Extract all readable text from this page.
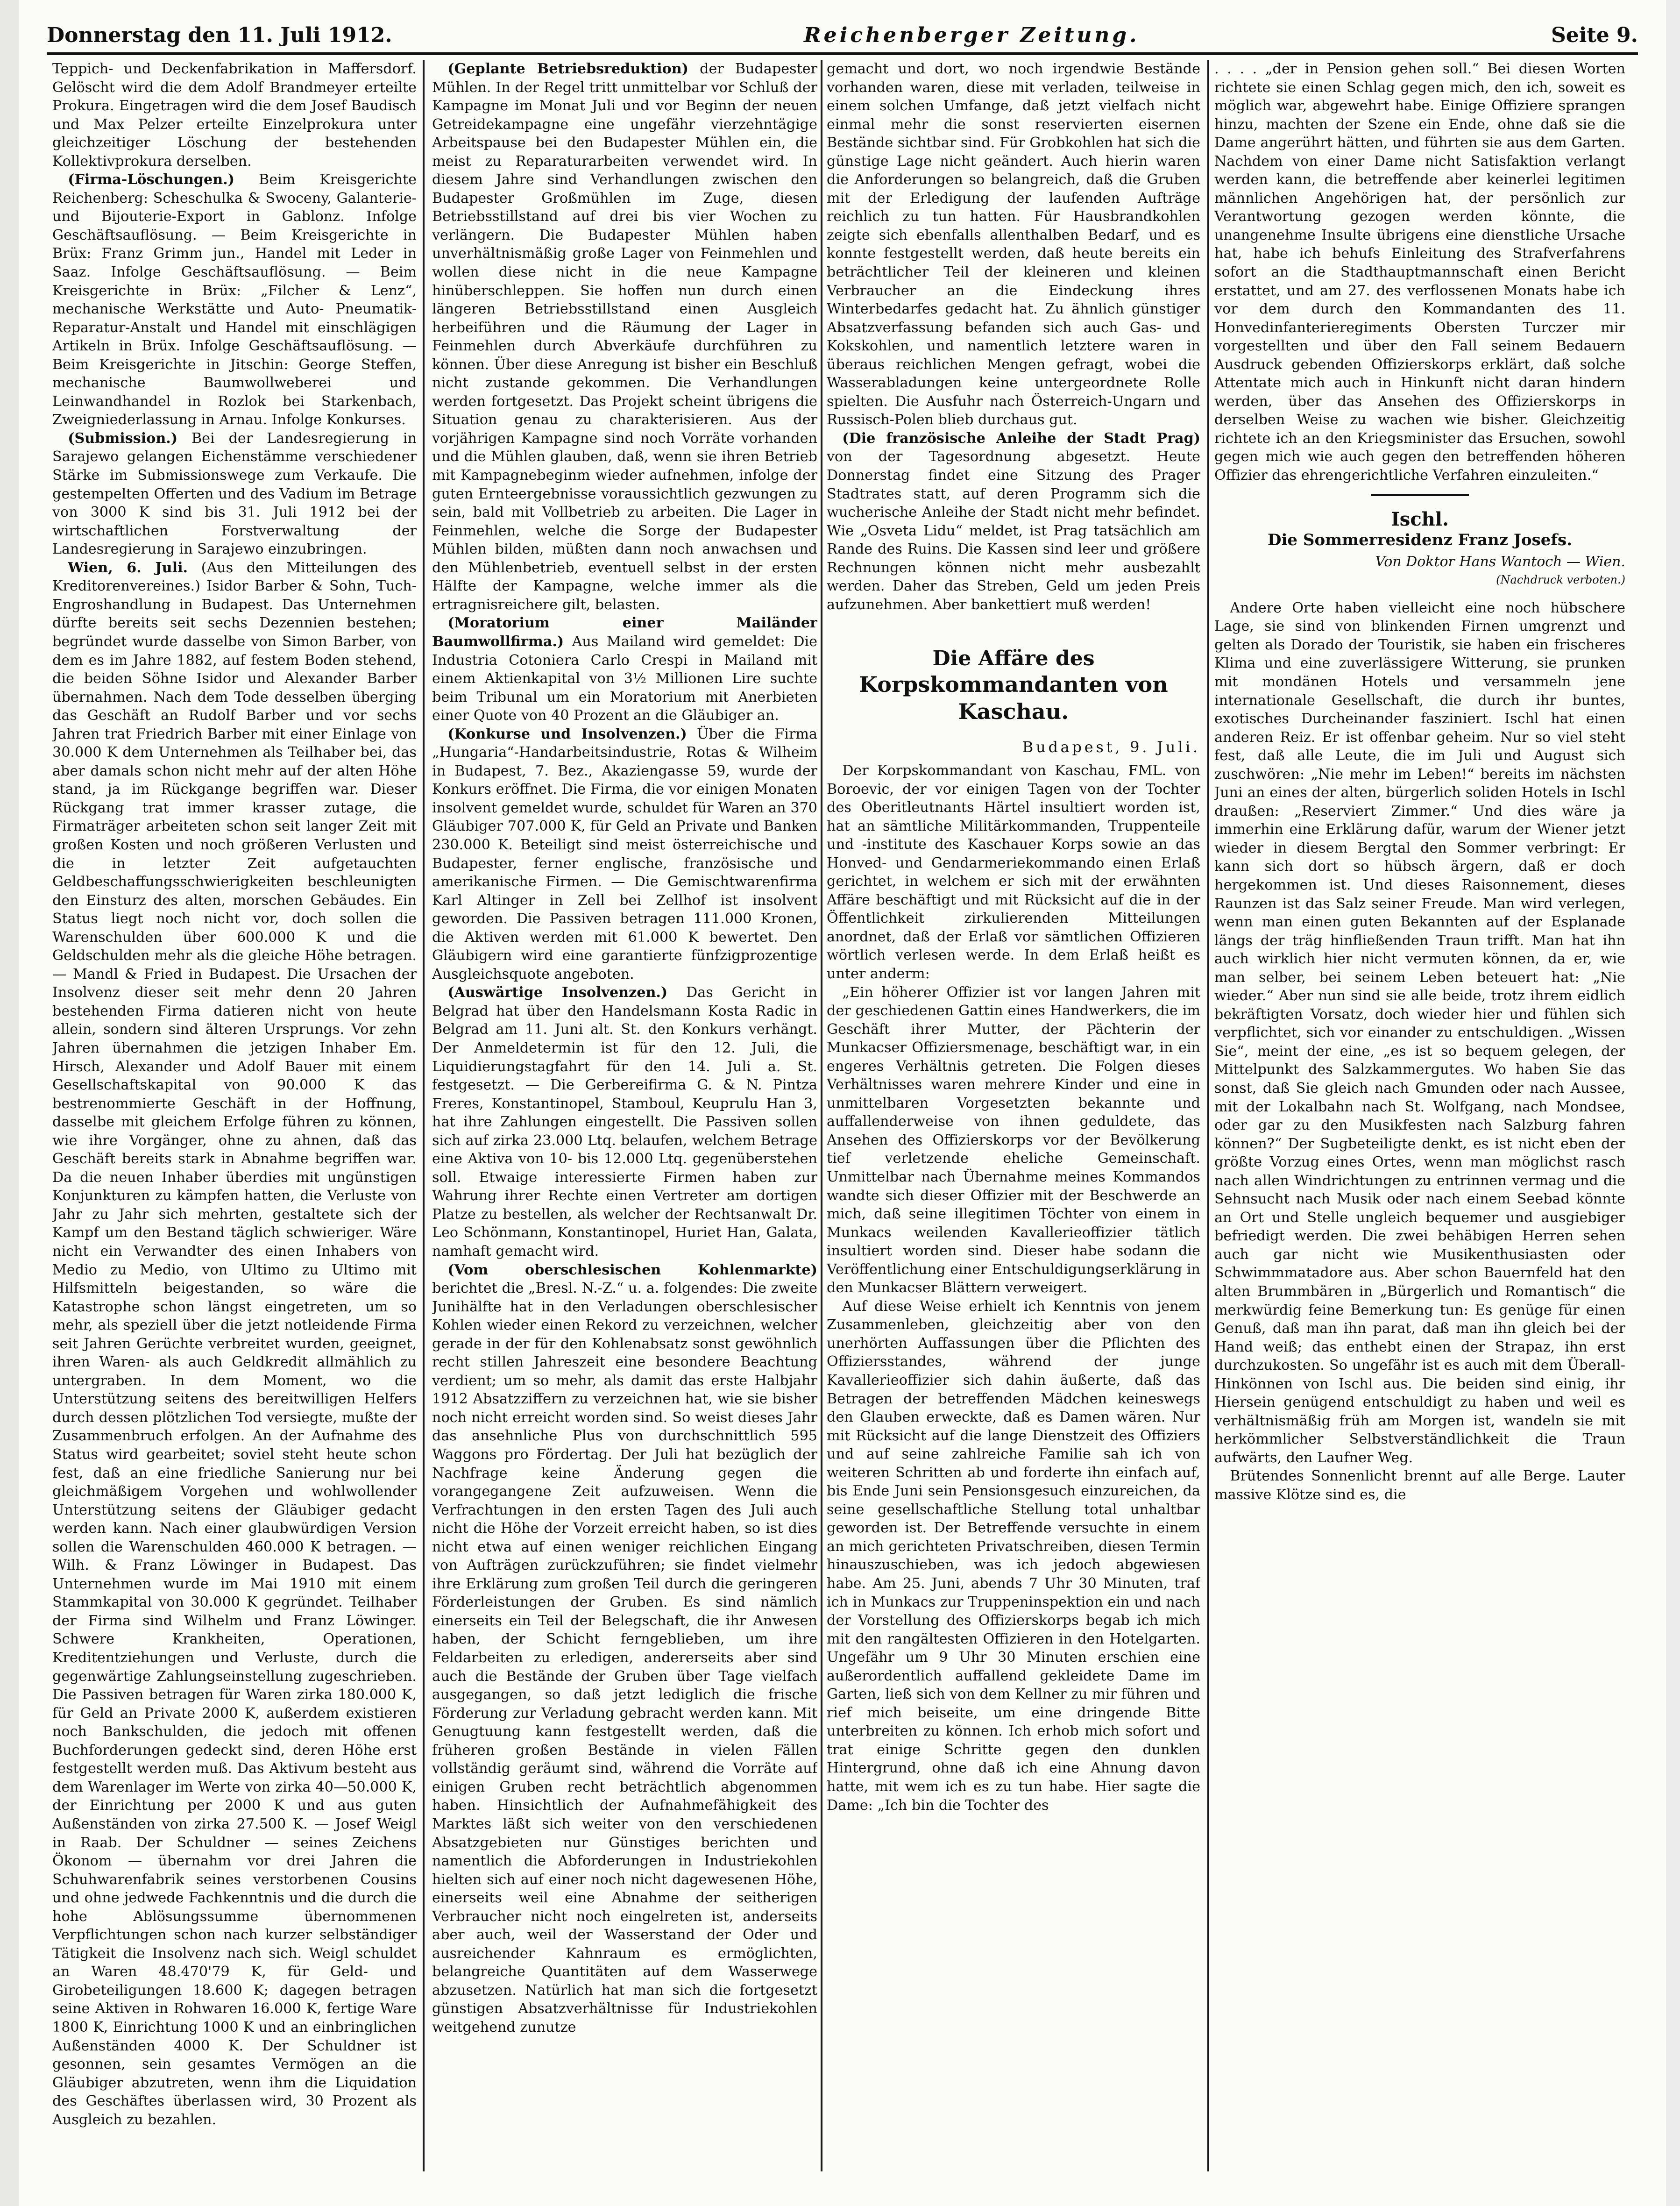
Donnerstag den 11. Juli 1912.	Reichenberger Zeitung.	Seite 9.

Teppich- und Deckenfabrikation in Maffersdorf. Gelöscht wird die dem Adolf Brandmeyer erteilte Prokura. Eingetragen wird die dem Josef Baudisch und Max Pelzer erteilte Einzelprokura unter gleichzeitiger Löschung der bestehenden Kollektivprokura derselben.

(Firma-Löschungen.) Beim Kreisgerichte Reichenberg: Scheschulka & Swoceny, Galanterie- und Bijouterie-Export in Gablonz. Infolge Geschäftsauflösung. — Beim Kreisgerichte in Brüx: Franz Grimm jun., Handel mit Leder in Saaz. Infolge Geschäftsauflösung. — Beim Kreisgerichte in Brüx: „Filcher & Lenz“, mechanische Werkstätte und Auto- Pneumatik- Reparatur-Anstalt und Handel mit einschlägigen Artikeln in Brüx. Infolge Geschäftsauflösung. — Beim Kreisgerichte in Jitschin: George Steffen, mechanische Baumwollweberei und Leinwandhandel in Rozlok bei Starkenbach, Zweigniederlassung in Arnau. Infolge Konkurses.

(Submission.) Bei der Landesregierung in Sarajewo gelangen Eichenstämme verschiedener Stärke im Submissionswege zum Verkaufe. Die gestempelten Offerten und des Vadium im Betrage von 3000 K sind bis 31. Juli 1912 bei der wirtschaftlichen Forstverwaltung der Landesregierung in Sarajewo einzubringen.

Wien, 6. Juli. (Aus den Mitteilungen des Kreditorenvereines.) Isidor Barber & Sohn, Tuch-Engroshandlung in Budapest. Das Unternehmen dürfte bereits seit sechs Dezennien bestehen; begründet wurde dasselbe von Simon Barber, von dem es im Jahre 1882, auf festem Boden stehend, die beiden Söhne Isidor und Alexander Barber übernahmen. Nach dem Tode desselben überging das Geschäft an Rudolf Barber und vor sechs Jahren trat Friedrich Barber mit einer Einlage von 30.000 K dem Unternehmen als Teilhaber bei, das aber damals schon nicht mehr auf der alten Höhe stand, ja im Rückgange begriffen war. Dieser Rückgang trat immer krasser zutage, die Firmaträger arbeiteten schon seit langer Zeit mit großen Kosten und noch größeren Verlusten und die in letzter Zeit aufgetauchten Geldbeschaffungsschwierigkeiten beschleunigten den Einsturz des alten, morschen Gebäudes. Ein Status liegt noch nicht vor, doch sollen die Warenschulden über 600.000 K und die Geldschulden mehr als die gleiche Höhe betragen. — Mandl & Fried in Budapest. Die Ursachen der Insolvenz dieser seit mehr denn 20 Jahren bestehenden Firma datieren nicht von heute allein, sondern sind älteren Ursprungs. Vor zehn Jahren übernahmen die jetzigen Inhaber Em. Hirsch, Alexander und Adolf Bauer mit einem Gesellschaftskapital von 90.000 K das bestrenommierte Geschäft in der Hoffnung, dasselbe mit gleichem Erfolge führen zu können, wie ihre Vorgänger, ohne zu ahnen, daß das Geschäft bereits stark in Abnahme begriffen war. Da die neuen Inhaber überdies mit ungünstigen Konjunkturen zu kämpfen hatten, die Verluste von Jahr zu Jahr sich mehrten, gestaltete sich der Kampf um den Bestand täglich schwieriger. Wäre nicht ein Verwandter des einen Inhabers von Medio zu Medio, von Ultimo zu Ultimo mit Hilfsmitteln beigestanden, so wäre die Katastrophe schon längst eingetreten, um so mehr, als speziell über die jetzt notleidende Firma seit Jahren Gerüchte verbreitet wurden, geeignet, ihren Waren- als auch Geldkredit allmählich zu untergraben. In dem Moment, wo die Unterstützung seitens des bereitwilligen Helfers durch dessen plötzlichen Tod versiegte, mußte der Zusammenbruch erfolgen. An der Aufnahme des Status wird gearbeitet; soviel steht heute schon fest, daß an eine friedliche Sanierung nur bei gleichmäßigem Vorgehen und wohlwollender Unterstützung seitens der Gläubiger gedacht werden kann. Nach einer glaubwürdigen Version sollen die Warenschulden 460.000 K betragen. — Wilh. & Franz Löwinger in Budapest. Das Unternehmen wurde im Mai 1910 mit einem Stammkapital von 30.000 K gegründet. Teilhaber der Firma sind Wilhelm und Franz Löwinger. Schwere Krankheiten, Operationen, Kreditentziehungen und Verluste, durch die gegenwärtige Zahlungseinstellung zugeschrieben. Die Passiven betragen für Waren zirka 180.000 K, für Geld an Private 2000 K, außerdem existieren noch Bankschulden, die jedoch mit offenen Buchforderungen gedeckt sind, deren Höhe erst festgestellt werden muß. Das Aktivum besteht aus dem Warenlager im Werte von zirka 40—50.000 K, der Einrichtung per 2000 K und aus guten Außenständen von zirka 27.500 K. — Josef Weigl in Raab. Der Schuldner — seines Zeichens Ökonom — übernahm vor drei Jahren die Schuhwarenfabrik seines verstorbenen Cousins und ohne jedwede Fachkenntnis und die durch die hohe Ablösungssumme übernommenen Verpflichtungen schon nach kurzer selbständiger Tätigkeit die Insolvenz nach sich. Weigl schuldet an Waren 48.470'79 K, für Geld- und Girobeteiligungen 18.600 K; dagegen betragen seine Aktiven in Rohwaren 16.000 K, fertige Ware 1800 K, Einrichtung 1000 K und an einbringlichen Außenständen 4000 K. Der Schuldner ist gesonnen, sein gesamtes Vermögen an die Gläubiger abzutreten, wenn ihm die Liquidation des Geschäftes überlassen wird, 30 Prozent als Ausgleich zu bezahlen.

(Geplante Betriebsreduktion) der Budapester Mühlen. In der Regel tritt unmittelbar vor Schluß der Kampagne im Monat Juli und vor Beginn der neuen Getreidekampagne eine ungefähr vierzehntägige Arbeitspause bei den Budapester Mühlen ein, die meist zu Reparaturarbeiten verwendet wird. In diesem Jahre sind Verhandlungen zwischen den Budapester Großmühlen im Zuge, diesen Betriebsstillstand auf drei bis vier Wochen zu verlängern. Die Budapester Mühlen haben unverhältnismäßig große Lager von Feinmehlen und wollen diese nicht in die neue Kampagne hinüberschleppen. Sie hoffen nun durch einen längeren Betriebsstillstand einen Ausgleich herbeiführen und die Räumung der Lager in Feinmehlen durch Abverkäufe durchführen zu können. Über diese Anregung ist bisher ein Beschluß nicht zustande gekommen. Die Verhandlungen werden fortgesetzt. Das Projekt scheint übrigens die Situation genau zu charakterisieren. Aus der vorjährigen Kampagne sind noch Vorräte vorhanden und die Mühlen glauben, daß, wenn sie ihren Betrieb mit Kampagnebeginm wieder aufnehmen, infolge der guten Ernteergebnisse voraussichtlich gezwungen zu sein, bald mit Vollbetrieb zu arbeiten. Die Lager in Feinmehlen, welche die Sorge der Budapester Mühlen bilden, müßten dann noch anwachsen und den Mühlenbetrieb, eventuell selbst in der ersten Hälfte der Kampagne, welche immer als die ertragnisreichere gilt, belasten.

(Moratorium einer Mailänder Baumwollfirma.) Aus Mailand wird gemeldet: Die Industria Cotoniera Carlo Crespi in Mailand mit einem Aktienkapital von 3½ Millionen Lire suchte beim Tribunal um ein Moratorium mit Anerbieten einer Quote von 40 Prozent an die Gläubiger an.

(Konkurse und Insolvenzen.) Über die Firma „Hungaria“-Handarbeitsindustrie, Rotas & Wilheim in Budapest, 7. Bez., Akaziengasse 59, wurde der Konkurs eröffnet. Die Firma, die vor einigen Monaten insolvent gemeldet wurde, schuldet für Waren an 370 Gläubiger 707.000 K, für Geld an Private und Banken 230.000 K. Beteiligt sind meist österreichische und Budapester, ferner englische, französische und amerikanische Firmen. — Die Gemischtwarenfirma Karl Altinger in Zell bei Zellhof ist insolvent geworden. Die Passiven betragen 111.000 Kronen, die Aktiven werden mit 61.000 K bewertet. Den Gläubigern wird eine garantierte fünfzigprozentige Ausgleichsquote angeboten.

(Auswärtige Insolvenzen.) Das Gericht in Belgrad hat über den Handelsmann Kosta Radic in Belgrad am 11. Juni alt. St. den Konkurs verhängt. Der Anmeldetermin ist für den 12. Juli, die Liquidierungstagfahrt für den 14. Juli a. St. festgesetzt. — Die Gerbereifirma G. & N. Pintza Freres, Konstantinopel, Stamboul, Keuprulu Han 3, hat ihre Zahlungen eingestellt. Die Passiven sollen sich auf zirka 23.000 Ltq. belaufen, welchem Betrage eine Aktiva von 10- bis 12.000 Ltq. gegenüberstehen soll. Etwaige interessierte Firmen haben zur Wahrung ihrer Rechte einen Vertreter am dortigen Platze zu bestellen, als welcher der Rechtsanwalt Dr. Leo Schönmann, Konstantinopel, Huriet Han, Galata, namhaft gemacht wird.

(Vom oberschlesischen Kohlenmarkte) berichtet die „Bresl. N.-Z.“ u. a. folgendes: Die zweite Junihälfte hat in den Verladungen oberschlesischer Kohlen wieder einen Rekord zu verzeichnen, welcher gerade in der für den Kohlenabsatz sonst gewöhnlich recht stillen Jahreszeit eine besondere Beachtung verdient; um so mehr, als damit das erste Halbjahr 1912 Absatzziffern zu verzeichnen hat, wie sie bisher noch nicht erreicht worden sind. So weist dieses Jahr das ansehnliche Plus von durchschnittlich 595 Waggons pro Fördertag. Der Juli hat bezüglich der Nachfrage keine Änderung gegen die vorangegangene Zeit aufzuweisen. Wenn die Verfrachtungen in den ersten Tagen des Juli auch nicht die Höhe der Vorzeit erreicht haben, so ist dies nicht etwa auf einen weniger reichlichen Eingang von Aufträgen zurückzuführen; sie findet vielmehr ihre Erklärung zum großen Teil durch die geringeren Förderleistungen der Gruben. Es sind nämlich einerseits ein Teil der Belegschaft, die ihr Anwesen haben, der Schicht ferngeblieben, um ihre Feldarbeiten zu erledigen, andererseits aber sind auch die Bestände der Gruben über Tage vielfach ausgegangen, so daß jetzt lediglich die frische Förderung zur Verladung gebracht werden kann. Mit Genugtuung kann festgestellt werden, daß die früheren großen Bestände in vielen Fällen vollständig geräumt sind, während die Vorräte auf einigen Gruben recht beträchtlich abgenommen haben. Hinsichtlich der Aufnahmefähigkeit des Marktes läßt sich weiter von den verschiedenen Absatzgebieten nur Günstiges berichten und namentlich die Abforderungen in Industriekohlen hielten sich auf einer noch nicht dagewesenen Höhe, einerseits weil eine Abnahme der seitherigen Verbraucher nicht noch eingelreten ist, anderseits aber auch, weil der Wasserstand der Oder und ausreichender Kahnraum es ermöglichten, belangreiche Quantitäten auf dem Wasserwege abzusetzen. Natürlich hat man sich die fortgesetzt günstigen Absatzverhältnisse für Industriekohlen weitgehend zunutze

gemacht und dort, wo noch irgendwie Bestände vorhanden waren, diese mit verladen, teilweise in einem solchen Umfange, daß jetzt vielfach nicht einmal mehr die sonst reservierten eisernen Bestände sichtbar sind. Für Grobkohlen hat sich die günstige Lage nicht geändert. Auch hierin waren die Anforderungen so belangreich, daß die Gruben mit der Erledigung der laufenden Aufträge reichlich zu tun hatten. Für Hausbrandkohlen zeigte sich ebenfalls allenthalben Bedarf, und es konnte festgestellt werden, daß heute bereits ein beträchtlicher Teil der kleineren und kleinen Verbraucher an die Eindeckung ihres Winterbedarfes gedacht hat. Zu ähnlich günstiger Absatzverfassung befanden sich auch Gas- und Kokskohlen, und namentlich letztere waren in überaus reichlichen Mengen gefragt, wobei die Wasserabladungen keine untergeordnete Rolle spielten. Die Ausfuhr nach Österreich-Ungarn und Russisch-Polen blieb durchaus gut.

(Die französische Anleihe der Stadt Prag) von der Tagesordnung abgesetzt. Heute Donnerstag findet eine Sitzung des Prager Stadtrates statt, auf deren Programm sich die wucherische Anleihe der Stadt nicht mehr befindet. Wie „Osveta Lidu“ meldet, ist Prag tatsächlich am Rande des Ruins. Die Kassen sind leer und größere Rechnungen können nicht mehr ausbezahlt werden. Daher das Streben, Geld um jeden Preis aufzunehmen. Aber bankettiert muß werden!

Die Affäre des
Korpskommandanten von Kaschau.
Budapest, 9. Juli.

Der Korpskommandant von Kaschau, FML. von Boroevic, der vor einigen Tagen von der Tochter des Oberitleutnants Härtel insultiert worden ist, hat an sämtliche Militärkommanden, Truppenteile und -institute des Kaschauer Korps sowie an das Honved- und Gendarmeriekommando einen Erlaß gerichtet, in welchem er sich mit der erwähnten Affäre beschäftigt und mit Rücksicht auf die in der Öffentlichkeit zirkulierenden Mitteilungen anordnet, daß der Erlaß vor sämtlichen Offizieren wörtlich verlesen werde. In dem Erlaß heißt es unter anderm:

„Ein höherer Offizier ist vor langen Jahren mit der geschiedenen Gattin eines Handwerkers, die im Geschäft ihrer Mutter, der Pächterin der Munkacser Offiziersmenage, beschäftigt war, in ein engeres Verhältnis getreten. Die Folgen dieses Verhältnisses waren mehrere Kinder und eine in unmittelbaren Vorgesetzten bekannte und auffallenderweise von ihnen geduldete, das Ansehen des Offizierskorps vor der Bevölkerung tief verletzende eheliche Gemeinschaft. Unmittelbar nach Übernahme meines Kommandos wandte sich dieser Offizier mit der Beschwerde an mich, daß seine illegitimen Töchter von einem in Munkacs weilenden Kavallerieoffizier tätlich insultiert worden sind. Dieser habe sodann die Veröffentlichung einer Entschuldigungserklärung in den Munkacser Blättern verweigert.

Auf diese Weise erhielt ich Kenntnis von jenem Zusammenleben, gleichzeitig aber von den unerhörten Auffassungen über die Pflichten des Offiziersstandes, während der junge Kavallerieoffizier sich dahin äußerte, daß das Betragen der betreffenden Mädchen keineswegs den Glauben erweckte, daß es Damen wären. Nur mit Rücksicht auf die lange Dienstzeit des Offiziers und auf seine zahlreiche Familie sah ich von weiteren Schritten ab und forderte ihn einfach auf, bis Ende Juni sein Pensionsgesuch einzureichen, da seine gesellschaftliche Stellung total unhaltbar geworden ist. Der Betreffende versuchte in einem an mich gerichteten Privatschreiben, diesen Termin hinauszuschieben, was ich jedoch abgewiesen habe. Am 25. Juni, abends 7 Uhr 30 Minuten, traf ich in Munkacs zur Truppeninspektion ein und nach der Vorstellung des Offizierskorps begab ich mich mit den rangältesten Offizieren in den Hotelgarten. Ungefähr um 9 Uhr 30 Minuten erschien eine außerordentlich auffallend gekleidete Dame im Garten, ließ sich von dem Kellner zu mir führen und rief mich beiseite, um eine dringende Bitte unterbreiten zu können. Ich erhob mich sofort und trat einige Schritte gegen den dunklen Hintergrund, ohne daß ich eine Ahnung davon hatte, mit wem ich es zu tun habe. Hier sagte die Dame: „Ich bin die Tochter des

. . . . „der in Pension gehen soll.“ Bei diesen Worten richtete sie einen Schlag gegen mich, den ich, soweit es möglich war, abgewehrt habe. Einige Offiziere sprangen hinzu, machten der Szene ein Ende, ohne daß sie die Dame angerührt hätten, und führten sie aus dem Garten. Nachdem von einer Dame nicht Satisfaktion verlangt werden kann, die betreffende aber keinerlei legitimen männlichen Angehörigen hat, der persönlich zur Verantwortung gezogen werden könnte, die unangenehme Insulte übrigens eine dienstliche Ursache hat, habe ich behufs Einleitung des Strafverfahrens sofort an die Stadthauptmannschaft einen Bericht erstattet, und am 27. des verflossenen Monats habe ich vor dem durch den Kommandanten des 11. Honvedinfanterieregiments Obersten Turczer mir vorgestellten und über den Fall seinem Bedauern Ausdruck gebenden Offizierskorps erklärt, daß solche Attentate mich auch in Hinkunft nicht daran hindern werden, über das Ansehen des Offizierskorps in derselben Weise zu wachen wie bisher. Gleichzeitig richtete ich an den Kriegsminister das Ersuchen, sowohl gegen mich wie auch gegen den betreffenden höheren Offizier das ehrengerichtliche Verfahren einzuleiten.“

Ischl.
Die Sommerresidenz Franz Josefs.
Von Doktor Hans Wantoch — Wien.
(Nachdruck verboten.)

Andere Orte haben vielleicht eine noch hübschere Lage, sie sind von blinkenden Firnen umgrenzt und gelten als Dorado der Touristik, sie haben ein frischeres Klima und eine zuverlässigere Witterung, sie prunken mit mondänen Hotels und versammeln jene internationale Gesellschaft, die durch ihr buntes, exotisches Durcheinander fasziniert. Ischl hat einen anderen Reiz. Er ist offenbar geheim. Nur so viel steht fest, daß alle Leute, die im Juli und August sich zuschwören: „Nie mehr im Leben!“ bereits im nächsten Juni an eines der alten, bürgerlich soliden Hotels in Ischl draußen: „Reserviert Zimmer.“ Und dies wäre ja immerhin eine Erklärung dafür, warum der Wiener jetzt wieder in diesem Bergtal den Sommer verbringt: Er kann sich dort so hübsch ärgern, daß er doch hergekommen ist. Und dieses Raisonnement, dieses Raunzen ist das Salz seiner Freude. Man wird verlegen, wenn man einen guten Bekannten auf der Esplanade längs der träg hinfließenden Traun trifft. Man hat ihn auch wirklich hier nicht vermuten können, da er, wie man selber, bei seinem Leben beteuert hat: „Nie wieder.“ Aber nun sind sie alle beide, trotz ihrem eidlich bekräftigten Vorsatz, doch wieder hier und fühlen sich verpflichtet, sich vor einander zu entschuldigen. „Wissen Sie“, meint der eine, „es ist so bequem gelegen, der Mittelpunkt des Salzkammergutes. Wo haben Sie das sonst, daß Sie gleich nach Gmunden oder nach Aussee, mit der Lokalbahn nach St. Wolfgang, nach Mondsee, oder gar zu den Musikfesten nach Salzburg fahren können?“ Der Sugbeteiligte denkt, es ist nicht eben der größte Vorzug eines Ortes, wenn man möglichst rasch nach allen Windrichtungen zu entrinnen vermag und die Sehnsucht nach Musik oder nach einem Seebad könnte an Ort und Stelle ungleich bequemer und ausgiebiger befriedigt werden. Die zwei behäbigen Herren sehen auch gar nicht wie Musikenthusiasten oder Schwimmmatadore aus. Aber schon Bauernfeld hat den alten Brummbären in „Bürgerlich und Romantisch“ die merkwürdig feine Bemerkung tun: Es genüge für einen Genuß, daß man ihn parat, daß man ihn gleich bei der Hand weiß; das enthebt einen der Strapaz, ihn erst durchzukosten. So ungefähr ist es auch mit dem Überall-Hinkönnen von Ischl aus. Die beiden sind einig, ihr Hiersein genügend entschuldigt zu haben und weil es verhältnismäßig früh am Morgen ist, wandeln sie mit herkömmlicher Selbstverständlichkeit die Traun aufwärts, den Laufner Weg.

Brütendes Sonnenlicht brennt auf alle Berge. Lauter massive Klötze sind es, die
